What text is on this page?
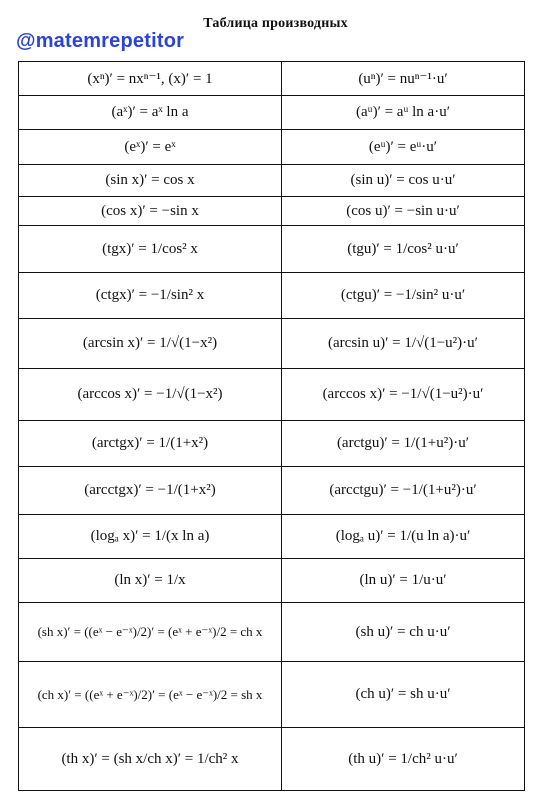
Таблица производных
@matemrepetitor
(xⁿ)′ = nxⁿ⁻¹, (x)′ = 1	(uⁿ)′ = nuⁿ⁻¹·u′
(aˣ)′ = aˣ ln a	(aᵘ)′ = aᵘ ln a·u′
(eˣ)′ = eˣ	(eᵘ)′ = eᵘ·u′
(sin x)′ = cos x	(sin u)′ = cos u·u′
(cos x)′ = −sin x	(cos u)′ = −sin u·u′
(tgx)′ = 1/cos² x	(tgu)′ = 1/cos² u·u′
(ctgx)′ = −1/sin² x	(ctgu)′ = −1/sin² u·u′
(arcsin x)′ = 1/√(1−x²)	(arcsin u)′ = 1/√(1−u²)·u′
(arccos x)′ = −1/√(1−x²)	(arccos x)′ = −1/√(1−u²)·u′
(arctgx)′ = 1/(1+x²)	(arctgu)′ = 1/(1+u²)·u′
(arcctgx)′ = −1/(1+x²)	(arcctgu)′ = −1/(1+u²)·u′
(logₐ x)′ = 1/(x ln a)	(logₐ u)′ = 1/(u ln a)·u′
(ln x)′ = 1/x	(ln u)′ = 1/u·u′
(sh x)′ = ((eˣ − e⁻ˣ)/2)′ = (eˣ + e⁻ˣ)/2 = ch x	(sh u)′ = ch u·u′
(ch x)′ = ((eˣ + e⁻ˣ)/2)′ = (eˣ − e⁻ˣ)/2 = sh x	(ch u)′ = sh u·u′
(th x)′ = (sh x/ch x)′ = 1/ch² x	(th u)′ = 1/ch² u·u′
